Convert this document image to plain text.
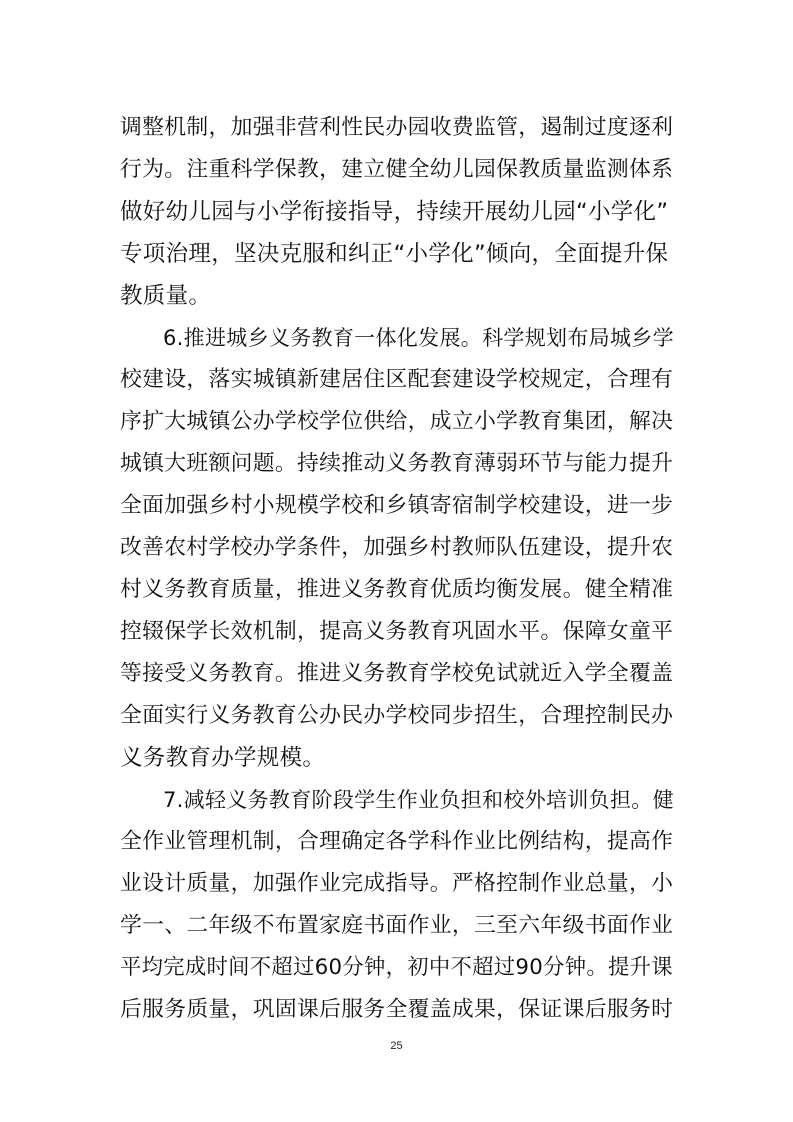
调整机制，加强非营利性民办园收费监管，遏制过度逐利
行为。注重科学保教，建立健全幼儿园保教质量监测体系
做好幼儿园与小学衔接指导，持续开展幼儿园“小学化”
专项治理，坚决克服和纠正“小学化”倾向，全面提升保
教质量。
6.推进城乡义务教育一体化发展。科学规划布局城乡学
校建设，落实城镇新建居住区配套建设学校规定，合理有
序扩大城镇公办学校学位供给，成立小学教育集团，解决
城镇大班额问题。持续推动义务教育薄弱环节与能力提升
全面加强乡村小规模学校和乡镇寄宿制学校建设，进一步
改善农村学校办学条件，加强乡村教师队伍建设，提升农
村义务教育质量，推进义务教育优质均衡发展。健全精准
控辍保学长效机制，提高义务教育巩固水平。保障女童平
等接受义务教育。推进义务教育学校免试就近入学全覆盖
全面实行义务教育公办民办学校同步招生，合理控制民办
义务教育办学规模。
7.减轻义务教育阶段学生作业负担和校外培训负担。健
全作业管理机制，合理确定各学科作业比例结构，提高作
业设计质量，加强作业完成指导。严格控制作业总量，小
学一、二年级不布置家庭书面作业，三至六年级书面作业
平均完成时间不超过60分钟，初中不超过90分钟。提升课
后服务质量，巩固课后服务全覆盖成果，保证课后服务时
25
